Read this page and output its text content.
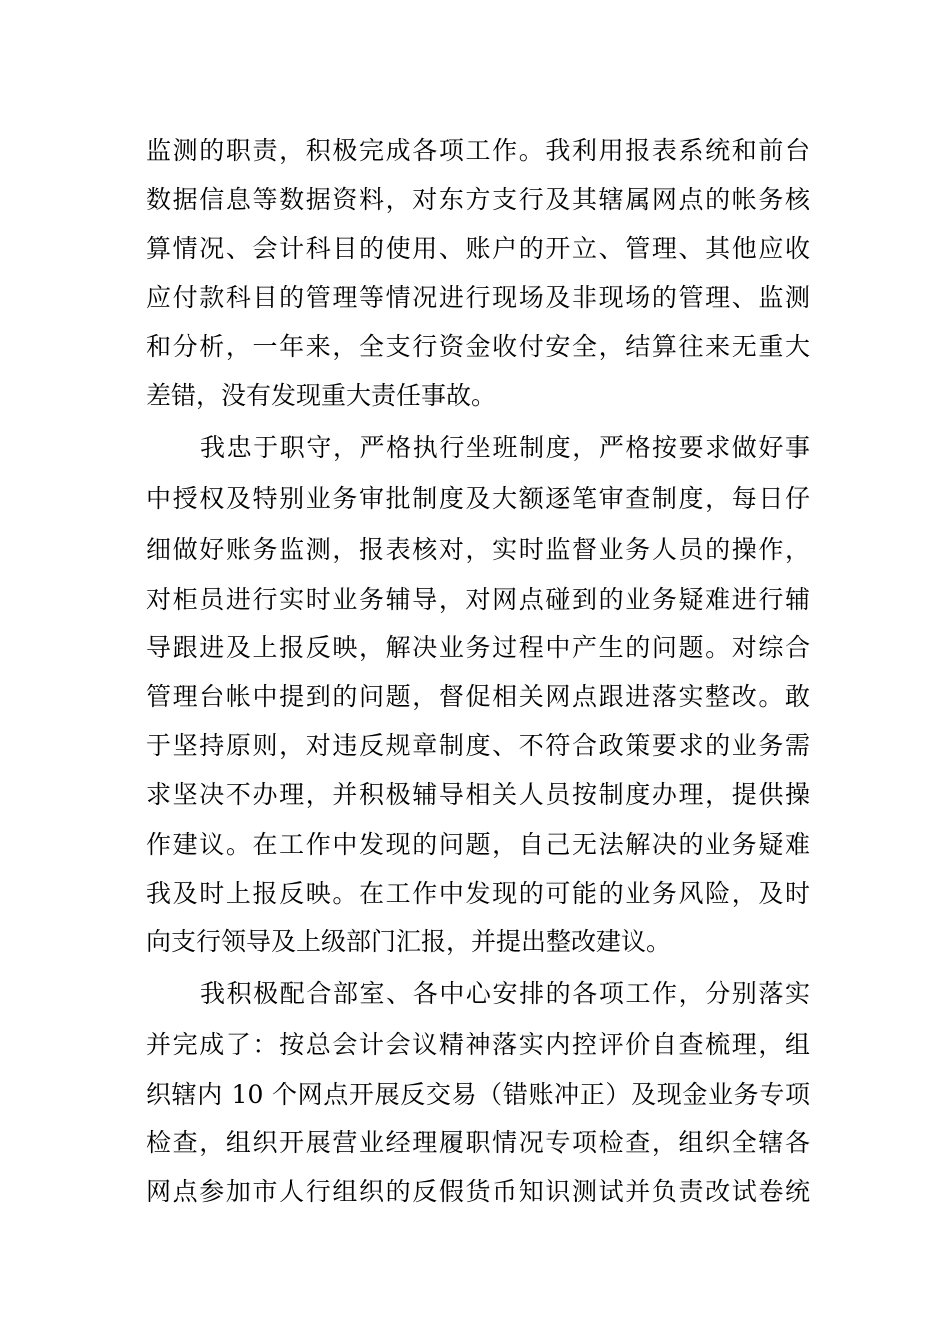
监测的职责，积极完成各项工作。我利用报表系统和前台
数据信息等数据资料，对东方支行及其辖属网点的帐务核
算情况、会计科目的使用、账户的开立、管理、其他应收
应付款科目的管理等情况进行现场及非现场的管理、监测
和分析，一年来，全支行资金收付安全，结算往来无重大
差错，没有发现重大责任事故。
我忠于职守，严格执行坐班制度，严格按要求做好事
中授权及特别业务审批制度及大额逐笔审查制度，每日仔
细做好账务监测，报表核对，实时监督业务人员的操作，
对柜员进行实时业务辅导，对网点碰到的业务疑难进行辅
导跟进及上报反映，解决业务过程中产生的问题。对综合
管理台帐中提到的问题，督促相关网点跟进落实整改。敢
于坚持原则，对违反规章制度、不符合政策要求的业务需
求坚决不办理，并积极辅导相关人员按制度办理，提供操
作建议。在工作中发现的问题，自己无法解决的业务疑难
我及时上报反映。在工作中发现的可能的业务风险，及时
向支行领导及上级部门汇报，并提出整改建议。
我积极配合部室、各中心安排的各项工作，分别落实
并完成了：按总会计会议精神落实内控评价自查梳理，组
织辖内 10 个网点开展反交易（错账冲正）及现金业务专项
检查，组织开展营业经理履职情况专项检查，组织全辖各
网点参加市人行组织的反假货币知识测试并负责改试卷统
